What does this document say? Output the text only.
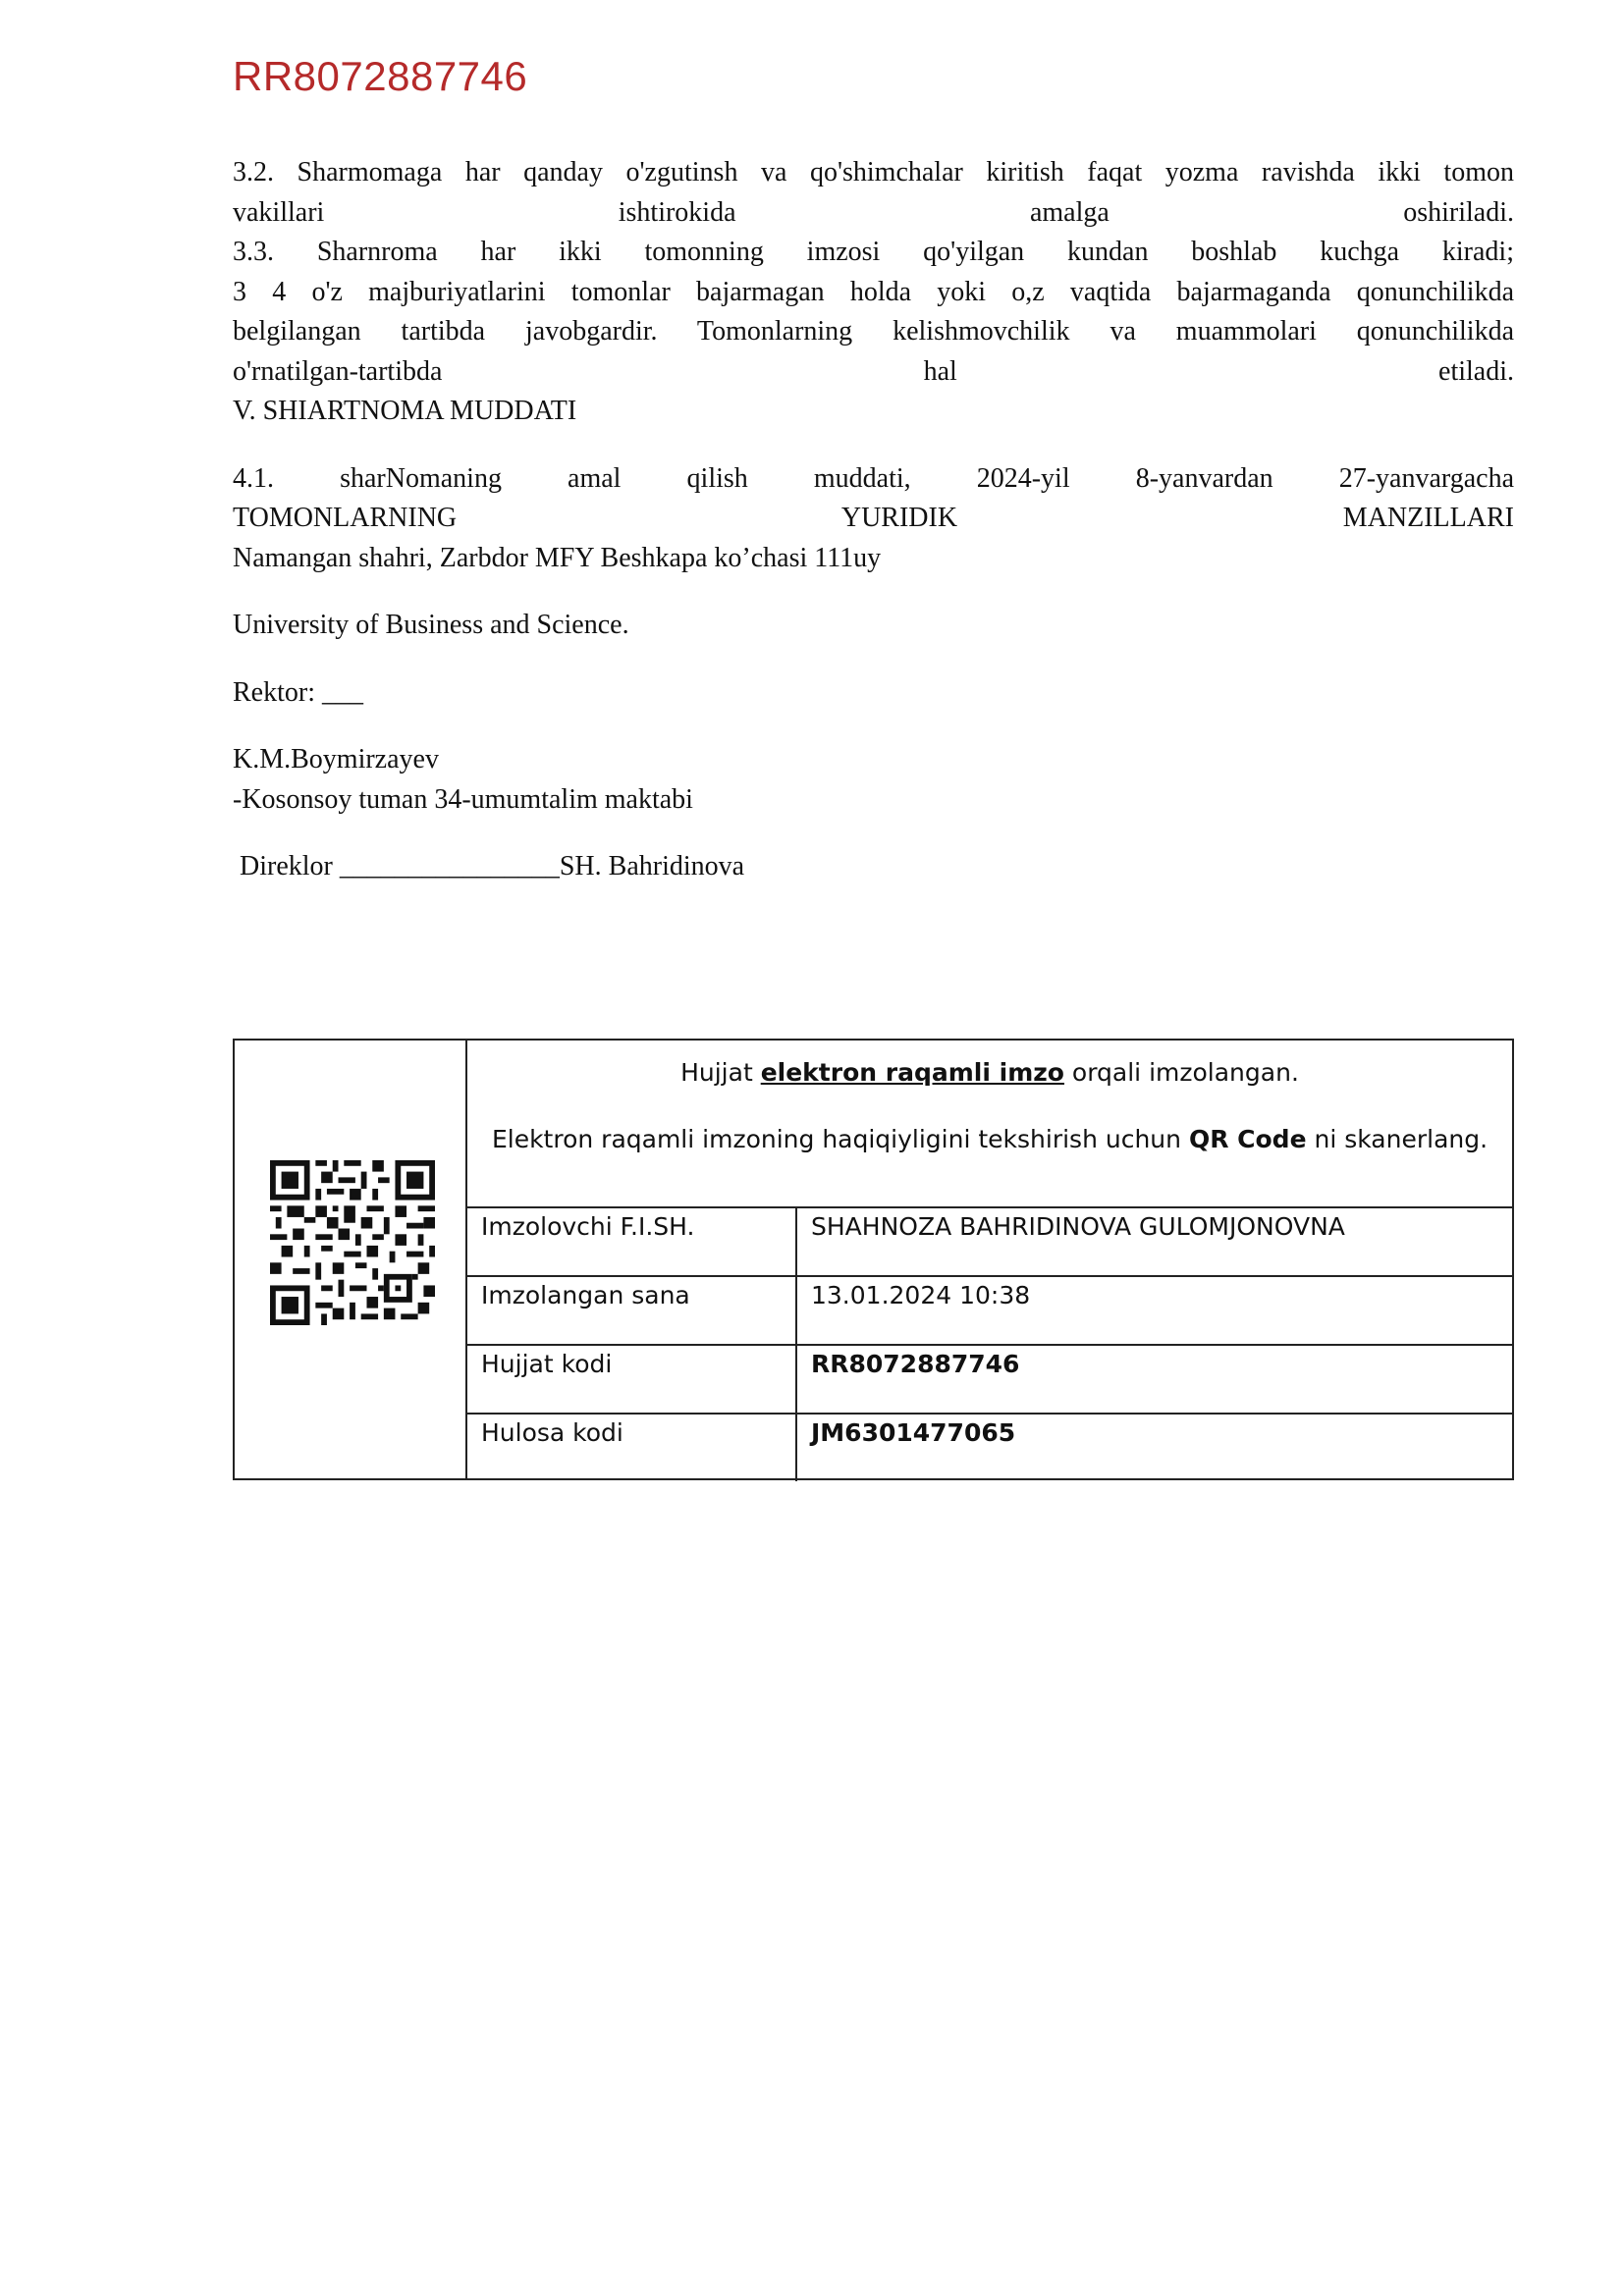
RR8072887746
3.2. Sharmomaga har qanday o'zgutinsh va qo'shimchalar kiritish faqat yozma ravishda ikki tomon
vakillari ishtirokida amalga oshiriladi.
3.3. Sharnroma har ikki tomonning imzosi qo'yilgan kundan boshlab kuchga kiradi;
3 4 o'z majburiyatlarini tomonlar bajarmagan holda yoki o,z vaqtida bajarmaganda qonunchilikda
belgilangan tartibda javobgardir. Tomonlarning kelishmovchilik va muammolari qonunchilikda
o'rnatilgan-tartibda hal etiladi.
V. SHIARTNOMA MUDDATI
4.1. sharNomaning amal qilish muddati, 2024-yil 8-yanvardan 27-yanvargacha
TOMONLARNING YURIDIK MANZILLARI
Namangan shahri, Zarbdor MFY Beshkapa ko’chasi 111uy
University of Business and Science.
Rektor: ___
K.M.Boymirzayev
-Kosonsoy tuman 34-umumtalim maktabi
Direklor ________________SH. Bahridinova
Hujjat elektron raqamli imzo orqali imzolangan.
Elektron raqamli imzoning haqiqiyligini tekshirish uchun QR Code ni skanerlang.
Imzolovchi F.I.SH.	SHAHNOZA BAHRIDINOVA GULOMJONOVNA
Imzolangan sana	13.01.2024 10:38
Hujjat kodi	RR8072887746
Hulosa kodi	JM6301477065
